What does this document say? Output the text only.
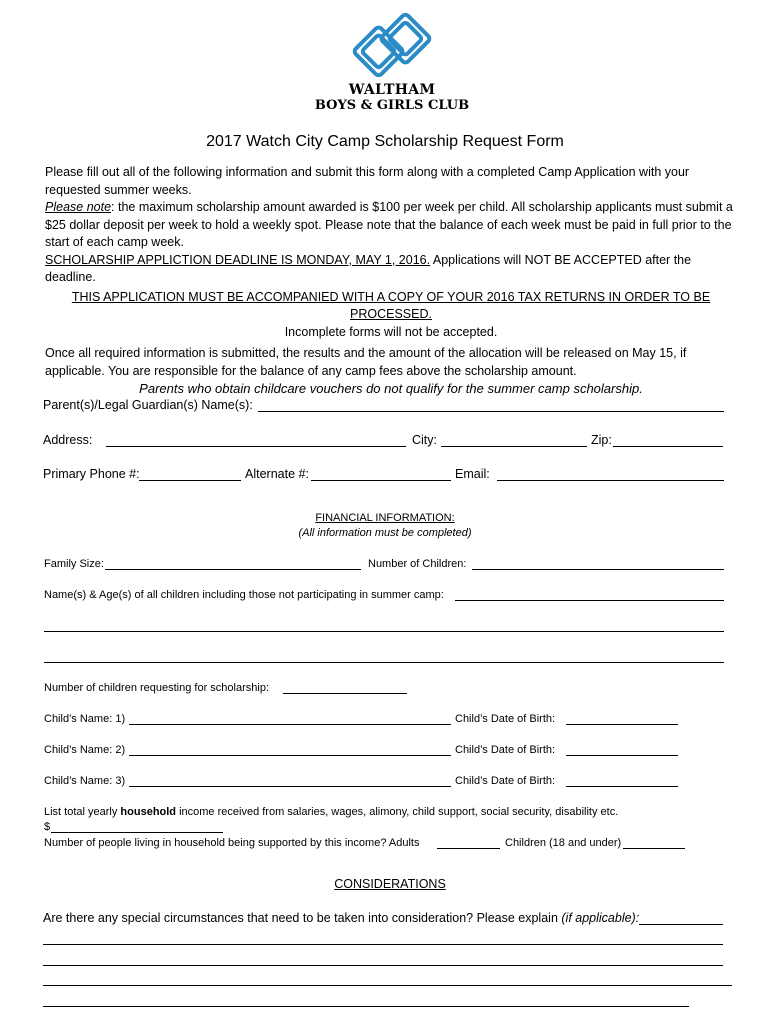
WALTHAM
BOYS & GIRLS CLUB
2017 Watch City Camp Scholarship Request Form

Please fill out all of the following information and submit this form along with a completed Camp Application with your requested summer weeks.

Please note: the maximum scholarship amount awarded is $100 per week per child. All scholarship applicants must submit a $25 dollar deposit per week to hold a weekly spot. Please note that the balance of each week must be paid in full prior to the start of each camp week.

SCHOLARSHIP APPLICTION DEADLINE IS MONDAY, MAY 1, 2016. Applications will NOT BE ACCEPTED after the deadline.

THIS APPLICATION MUST BE ACCOMPANIED WITH A COPY OF YOUR 2016 TAX RETURNS IN ORDER TO BE PROCESSED.

Incomplete forms will not be accepted.

Once all required information is submitted, the results and the amount of the allocation will be released on May 15, if applicable. You are responsible for the balance of any camp fees above the scholarship amount.

Parents who obtain childcare vouchers do not qualify for the summer camp scholarship.

Parent(s)/Legal Guardian(s) Name(s):
Address:	City:	Zip:
Primary Phone #:	Alternate #:	Email:
FINANCIAL INFORMATION:
(All information must be completed)
Family Size:	Number of Children:
Name(s) & Age(s) of all children including those not participating in summer camp:
Number of children requesting for scholarship:
Child’s Name: 1)	Child’s Date of Birth:
Child’s Name: 2)	Child’s Date of Birth:
Child’s Name: 3)	Child’s Date of Birth:
List total yearly household income received from salaries, wages, alimony, child support, social security, disability etc.
$
Number of people living in household being supported by this income? Adults	Children (18 and under)
CONSIDERATIONS
Are there any special circumstances that need to be taken into consideration? Please explain (if applicable):
